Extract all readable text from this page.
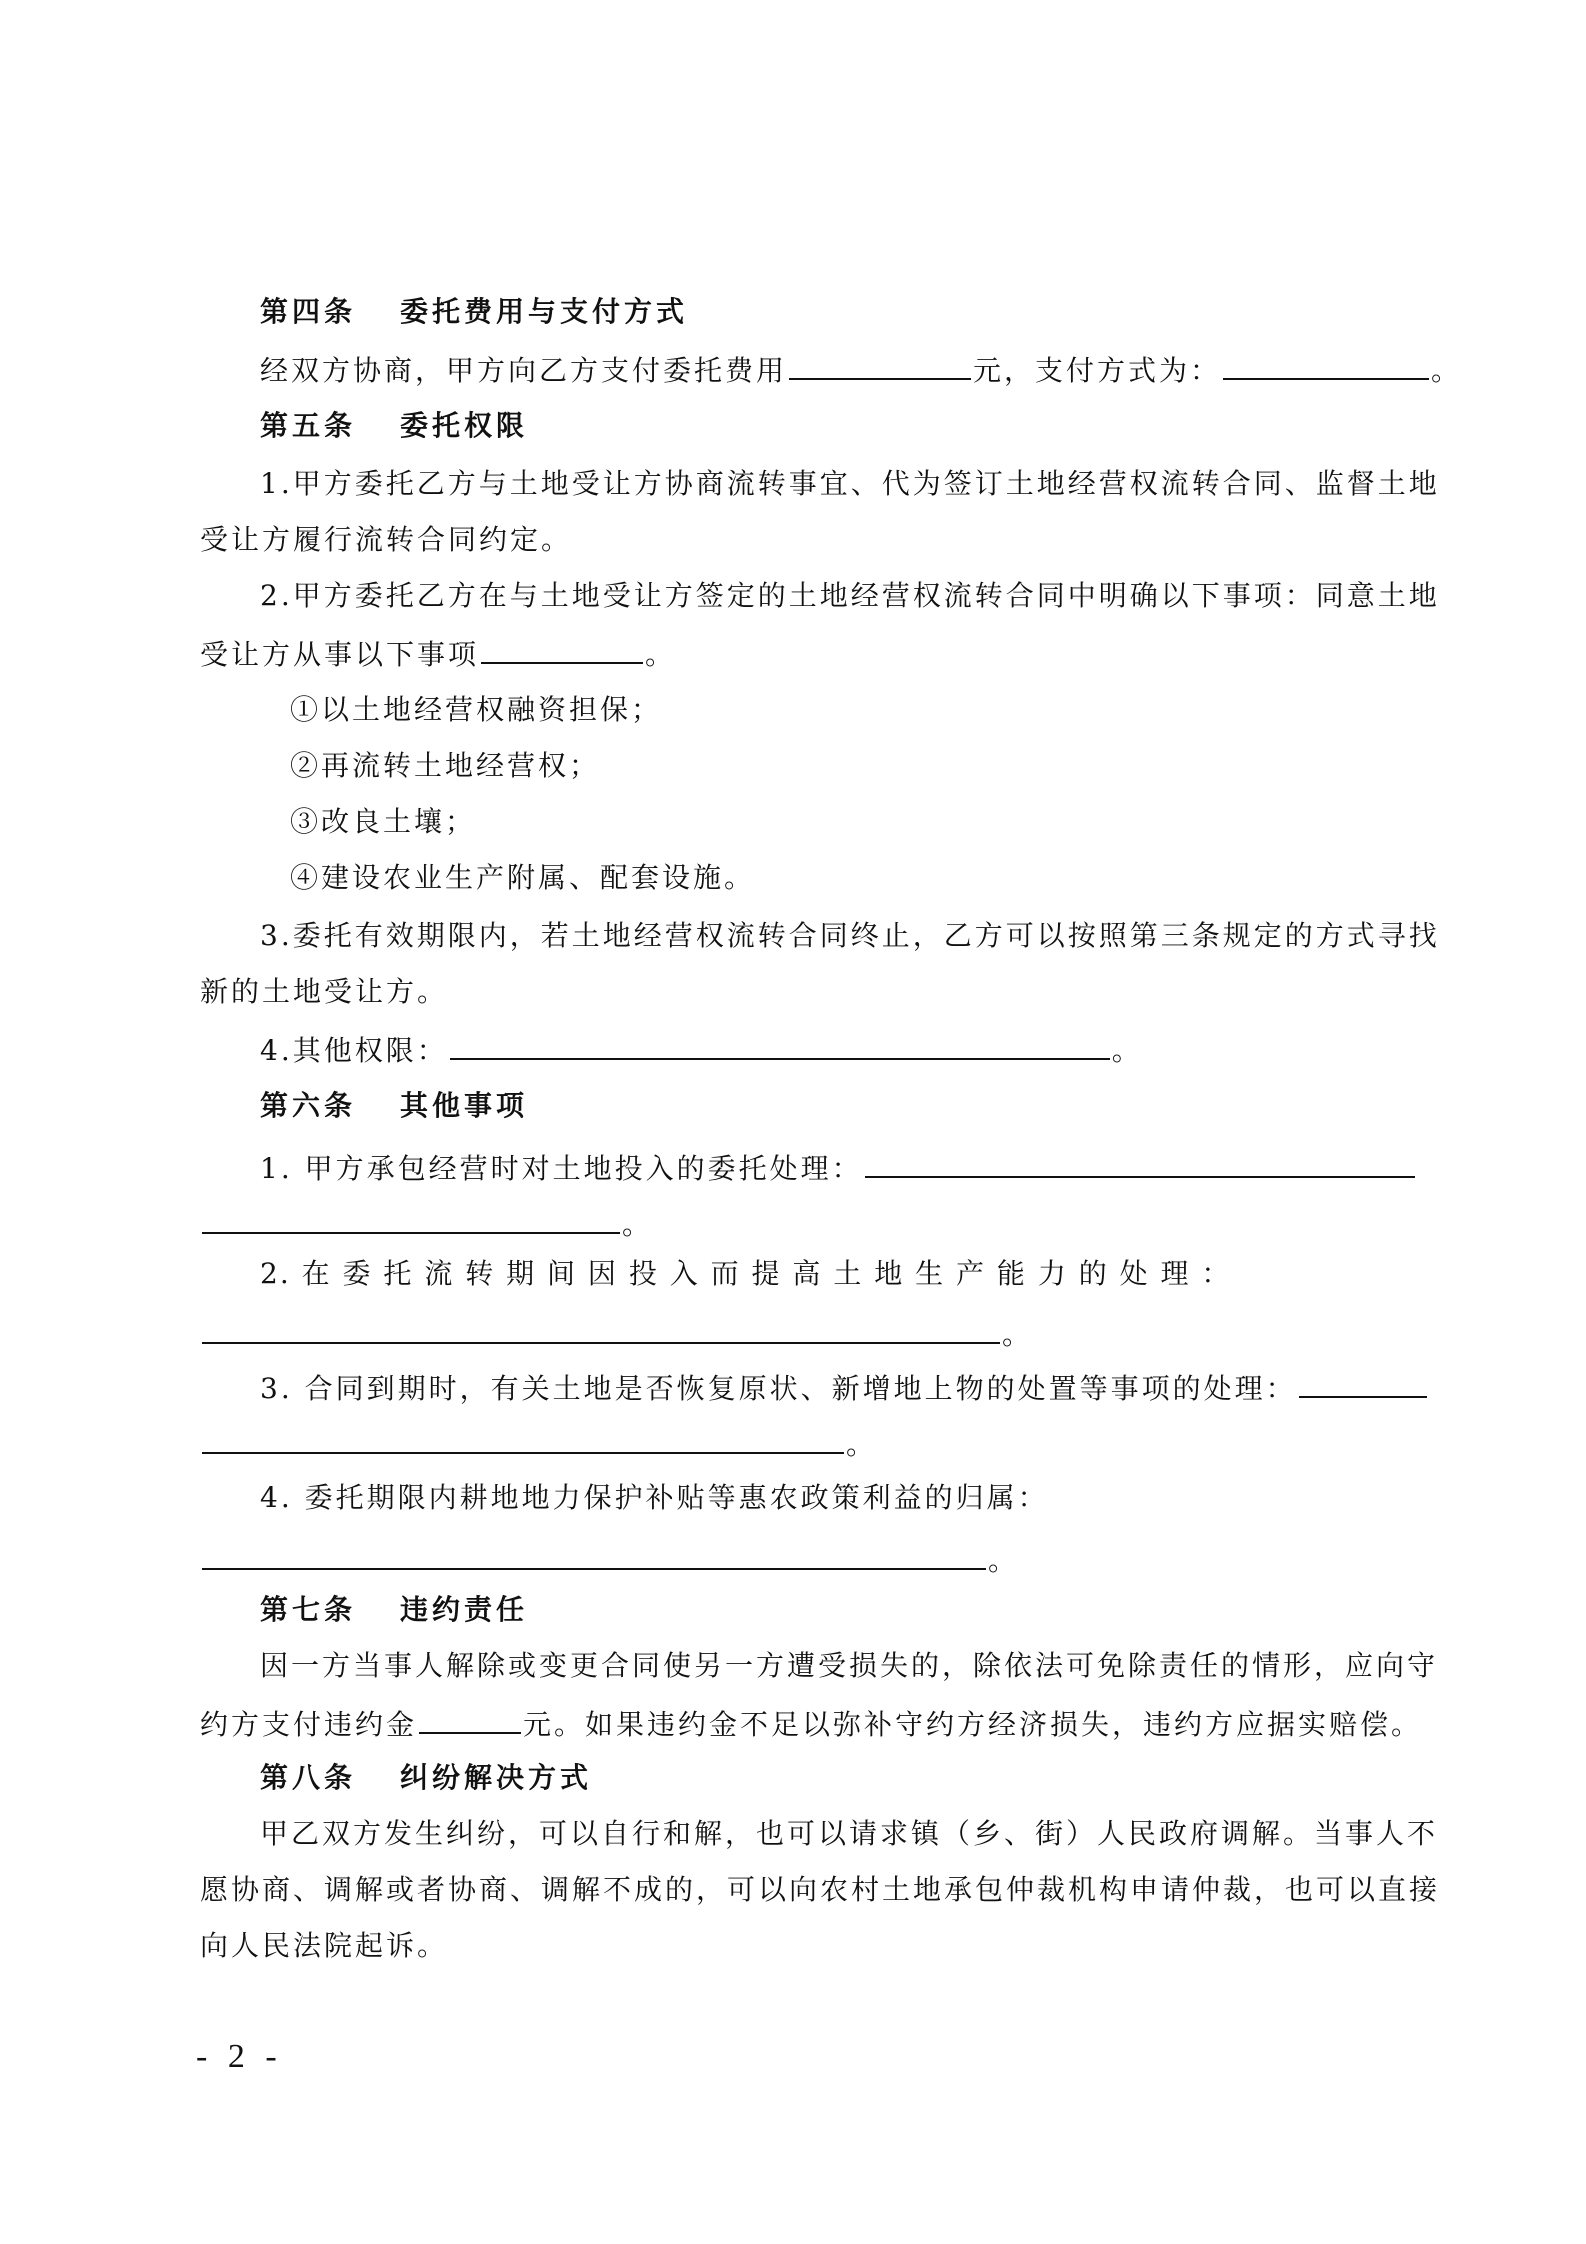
第四条 委托费用与支付方式
经双方协商，甲方向乙方支付委托费用	元，支付方式为：	。
第五条 委托权限
1.甲方委托乙方与土地受让方协商流转事宜、代为签订土地经营权流转合同、监督土地
受让方履行流转合同约定。
2.甲方委托乙方在与土地受让方签定的土地经营权流转合同中明确以下事项：同意土地
受让方从事以下事项	。
①以土地经营权融资担保；
②再流转土地经营权；
③改良土壤；
④建设农业生产附属、配套设施。
3.委托有效期限内，若土地经营权流转合同终止，乙方可以按照第三条规定的方式寻找
新的土地受让方。
4.其他权限：	。
第六条 其他事项
1. 甲方承包经营时对土地投入的委托处理：
。
2. 在 委 托 流 转 期 间 因 投 入 而 提 高 土 地 生 产 能 力 的 处 理 ：
。
3. 合同到期时，有关土地是否恢复原状、新增地上物的处置等事项的处理：
。
4. 委托期限内耕地地力保护补贴等惠农政策利益的归属：
。
第七条 违约责任
因一方当事人解除或变更合同使另一方遭受损失的，除依法可免除责任的情形，应向守
约方支付违约金	元。如果违约金不足以弥补守约方经济损失，违约方应据实赔偿。
第八条 纠纷解决方式
甲乙双方发生纠纷，可以自行和解，也可以请求镇（乡、街）人民政府调解。当事人不
愿协商、调解或者协商、调解不成的，可以向农村土地承包仲裁机构申请仲裁，也可以直接
向人民法院起诉。
- 2 -
